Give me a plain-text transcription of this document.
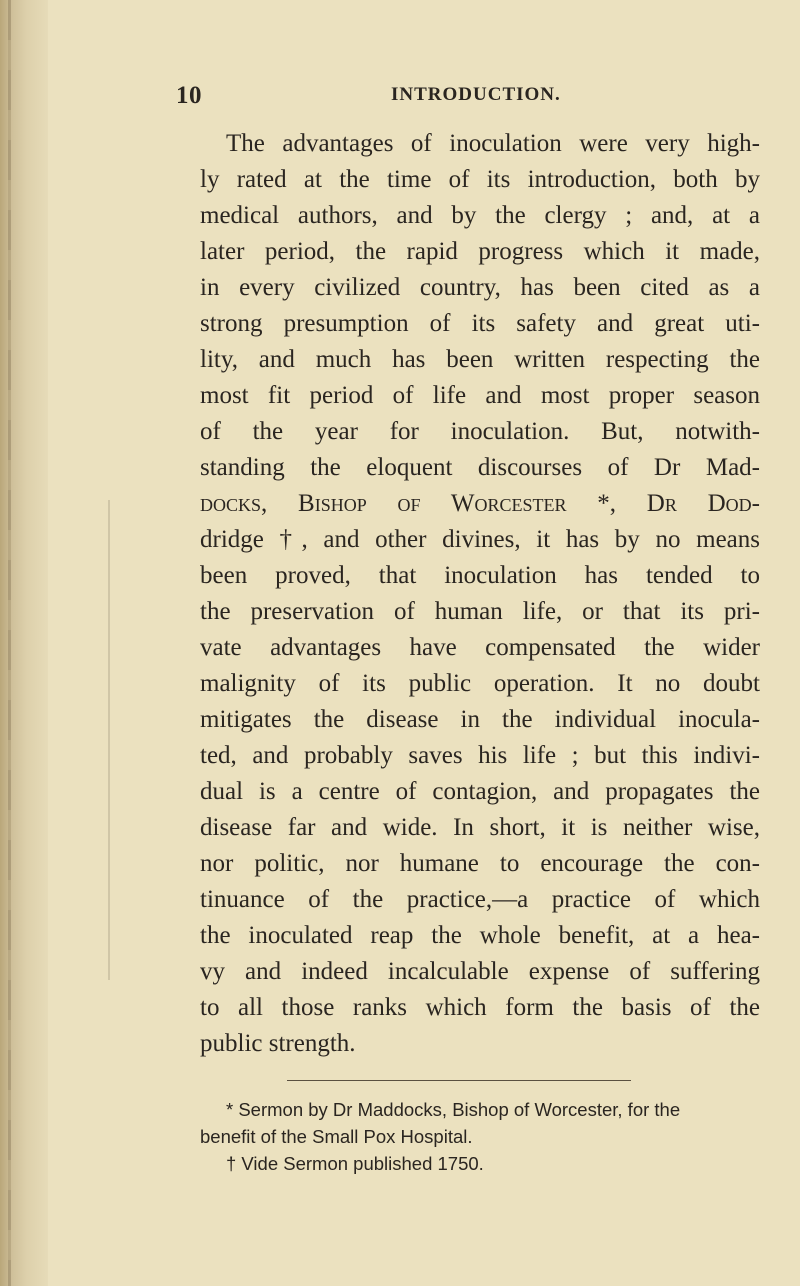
10	INTRODUCTION.
The advantages of inoculation were very high-
ly rated at the time of its introduction, both by
medical authors, and by the clergy ; and, at a
later period, the rapid progress which it made,
in every civilized country, has been cited as a
strong presumption of its safety and great uti-
lity, and much has been written respecting the
most fit period of life and most proper season
of the year for inoculation. But, notwith-
standing the eloquent discourses of Dr Mad-
docks, Bishop of Worcester *, Dr Dod-
dridge †, and other divines, it has by no means
been proved, that inoculation has tended to
the preservation of human life, or that its pri-
vate advantages have compensated the wider
malignity of its public operation. It no doubt
mitigates the disease in the individual inocula-
ted, and probably saves his life ; but this indivi-
dual is a centre of contagion, and propagates the
disease far and wide. In short, it is neither wise,
nor politic, nor humane to encourage the con-
tinuance of the practice,—a practice of which
the inoculated reap the whole benefit, at a hea-
vy and indeed incalculable expense of suffering
to all those ranks which form the basis of the
public strength.
* Sermon by Dr Maddocks, Bishop of Worcester, for the
benefit of the Small Pox Hospital.
† Vide Sermon published 1750.
